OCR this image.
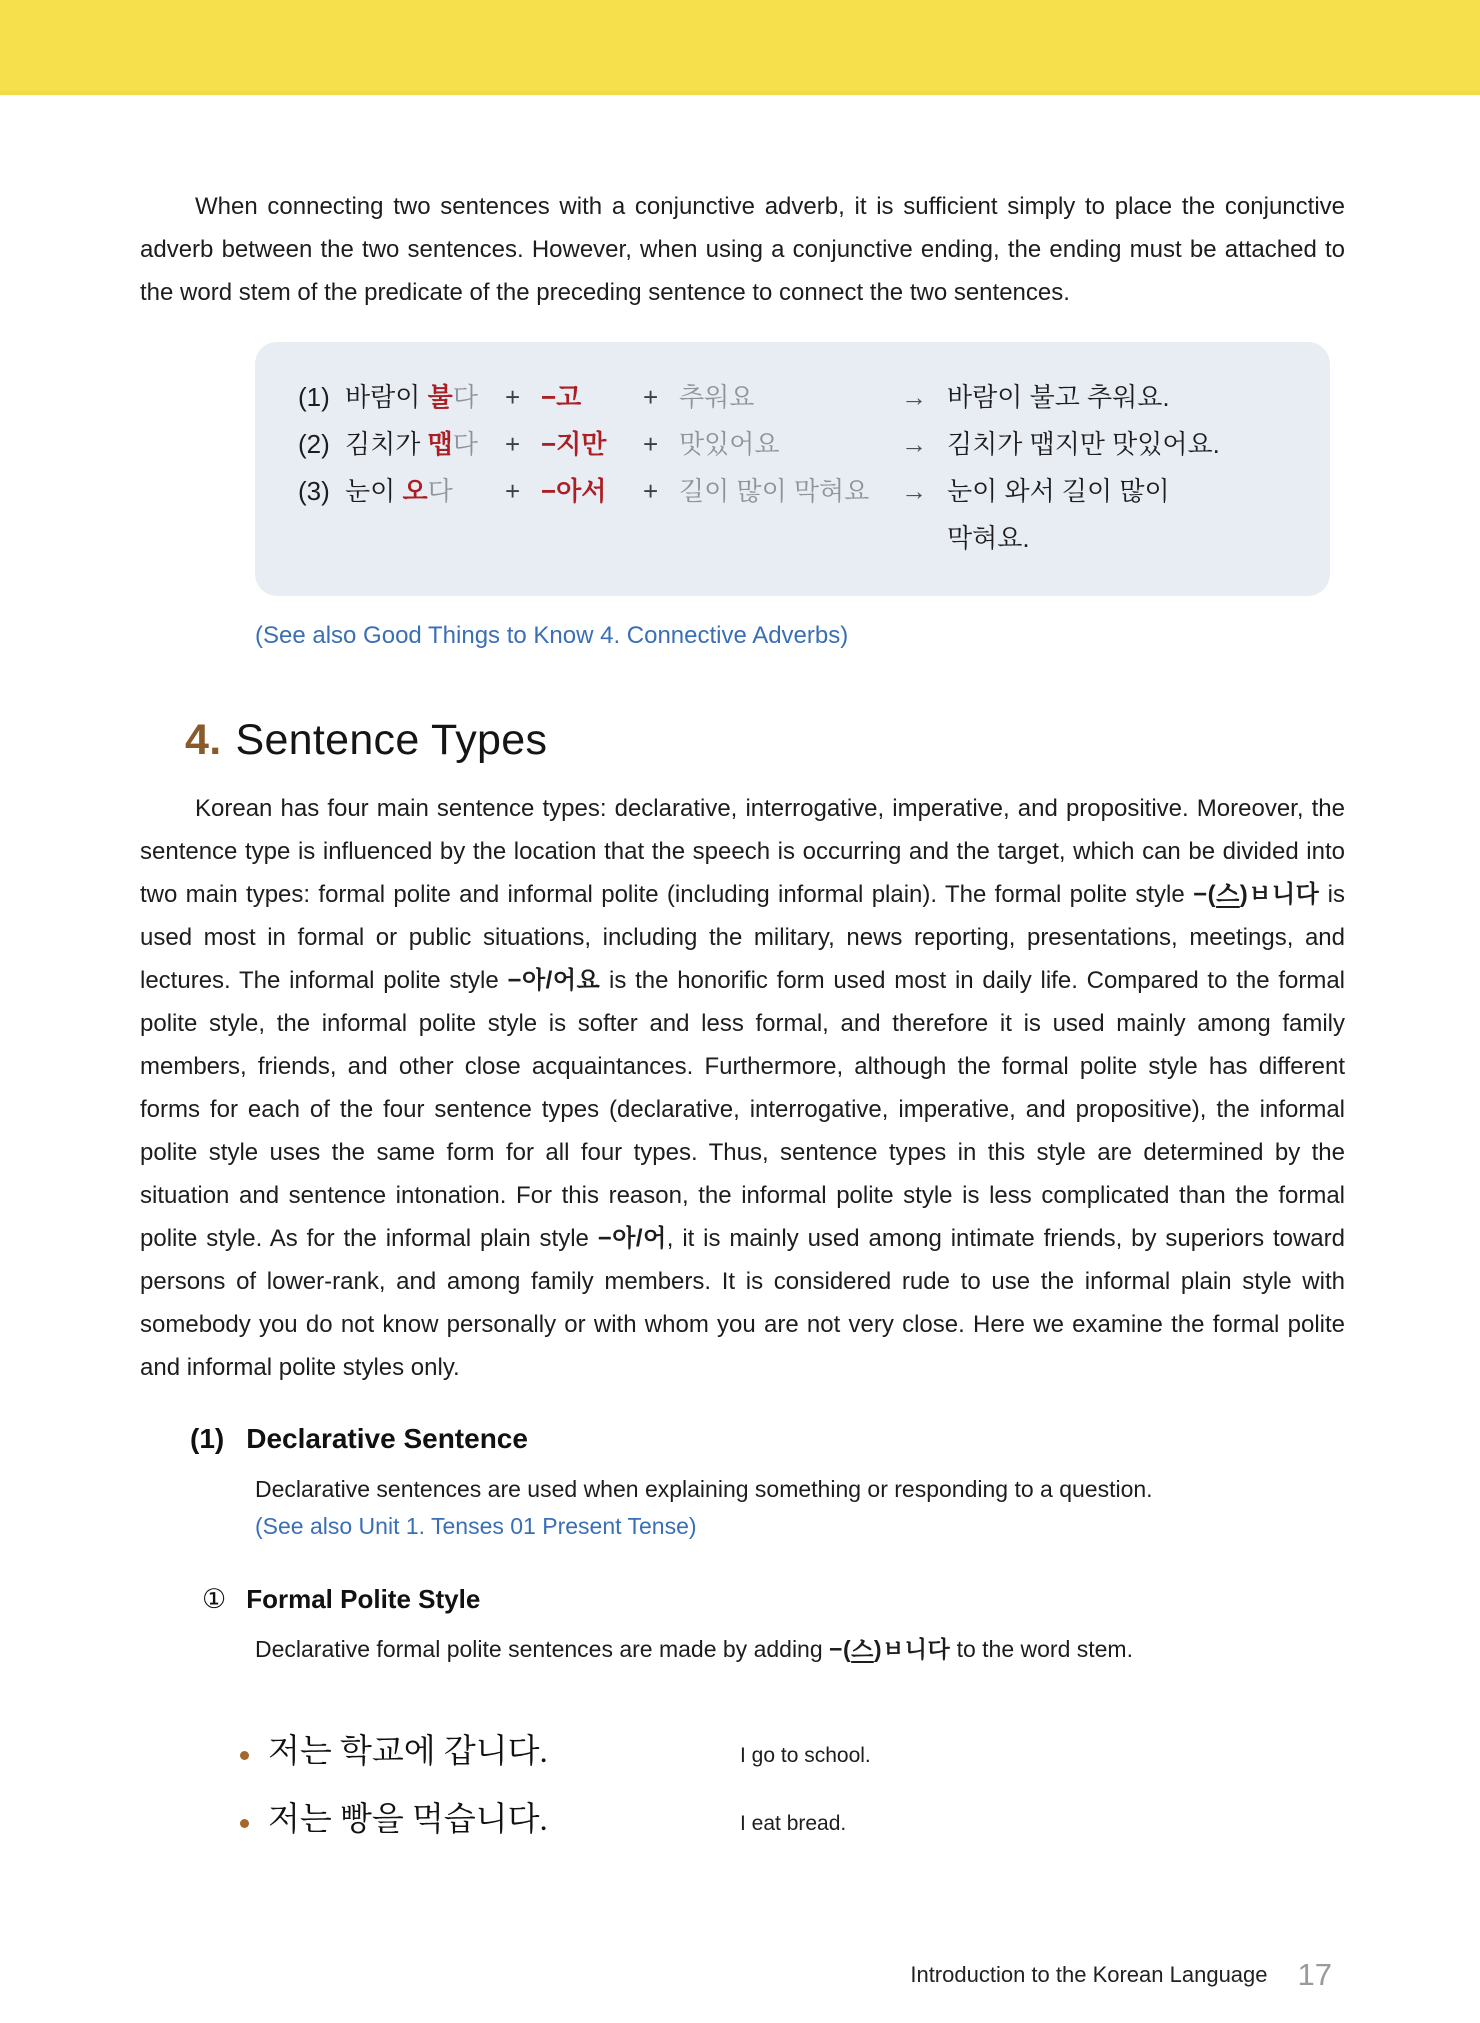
When connecting two sentences with a conjunctive adverb, it is sufficient simply to place the conjunctive adverb between the two sentences. However, when using a conjunctive ending, the ending must be attached to the word stem of the predicate of the preceding sentence to connect the two sentences.

(1) 바람이 불다	+ −고	+ 추워요	→ 바람이 불고 추워요.
(2) 김치가 맵다	+ −지만	+ 맛있어요	→ 김치가 맵지만 맛있어요.
(3) 눈이 오다	+ −아서	+ 길이 많이 막혀요	→ 눈이 와서 길이 많이
막혀요.
(See also Good Things to Know 4. Connective Adverbs)
4. Sentence Types

Korean has four main sentence types: declarative, interrogative, imperative, and propositive. Moreover, the sentence type is influenced by the location that the speech is occurring and the target, which can be divided into two main types: formal polite and informal polite (including informal plain). The formal polite style −(스)ㅂ니다 is used most in formal or public situations, including the military, news reporting, presentations, meetings, and lectures. The informal polite style −아/어요 is the honorific form used most in daily life. Compared to the formal polite style, the informal polite style is softer and less formal, and therefore it is used mainly among family members, friends, and other close acquaintances. Furthermore, although the formal polite style has different forms for each of the four sentence types (declarative, interrogative, imperative, and propositive), the informal polite style uses the same form for all four types. Thus, sentence types in this style are determined by the situation and sentence intonation. For this reason, the informal polite style is less complicated than the formal polite style. As for the informal plain style −아/어, it is mainly used among intimate friends, by superiors toward persons of lower-rank, and among family members. It is considered rude to use the informal plain style with somebody you do not know personally or with whom you are not very close. Here we examine the formal polite and informal polite styles only.

(1) Declarative Sentence

Declarative sentences are used when explaining something or responding to a question.

(See also Unit 1. Tenses 01 Present Tense)
① Formal Polite Style

Declarative formal polite sentences are made by adding −(스)ㅂ니다 to the word stem.

저는 학교에 갑니다.	I go to school.
저는 빵을 먹습니다.	I eat bread.
Introduction to the Korean Language 17
